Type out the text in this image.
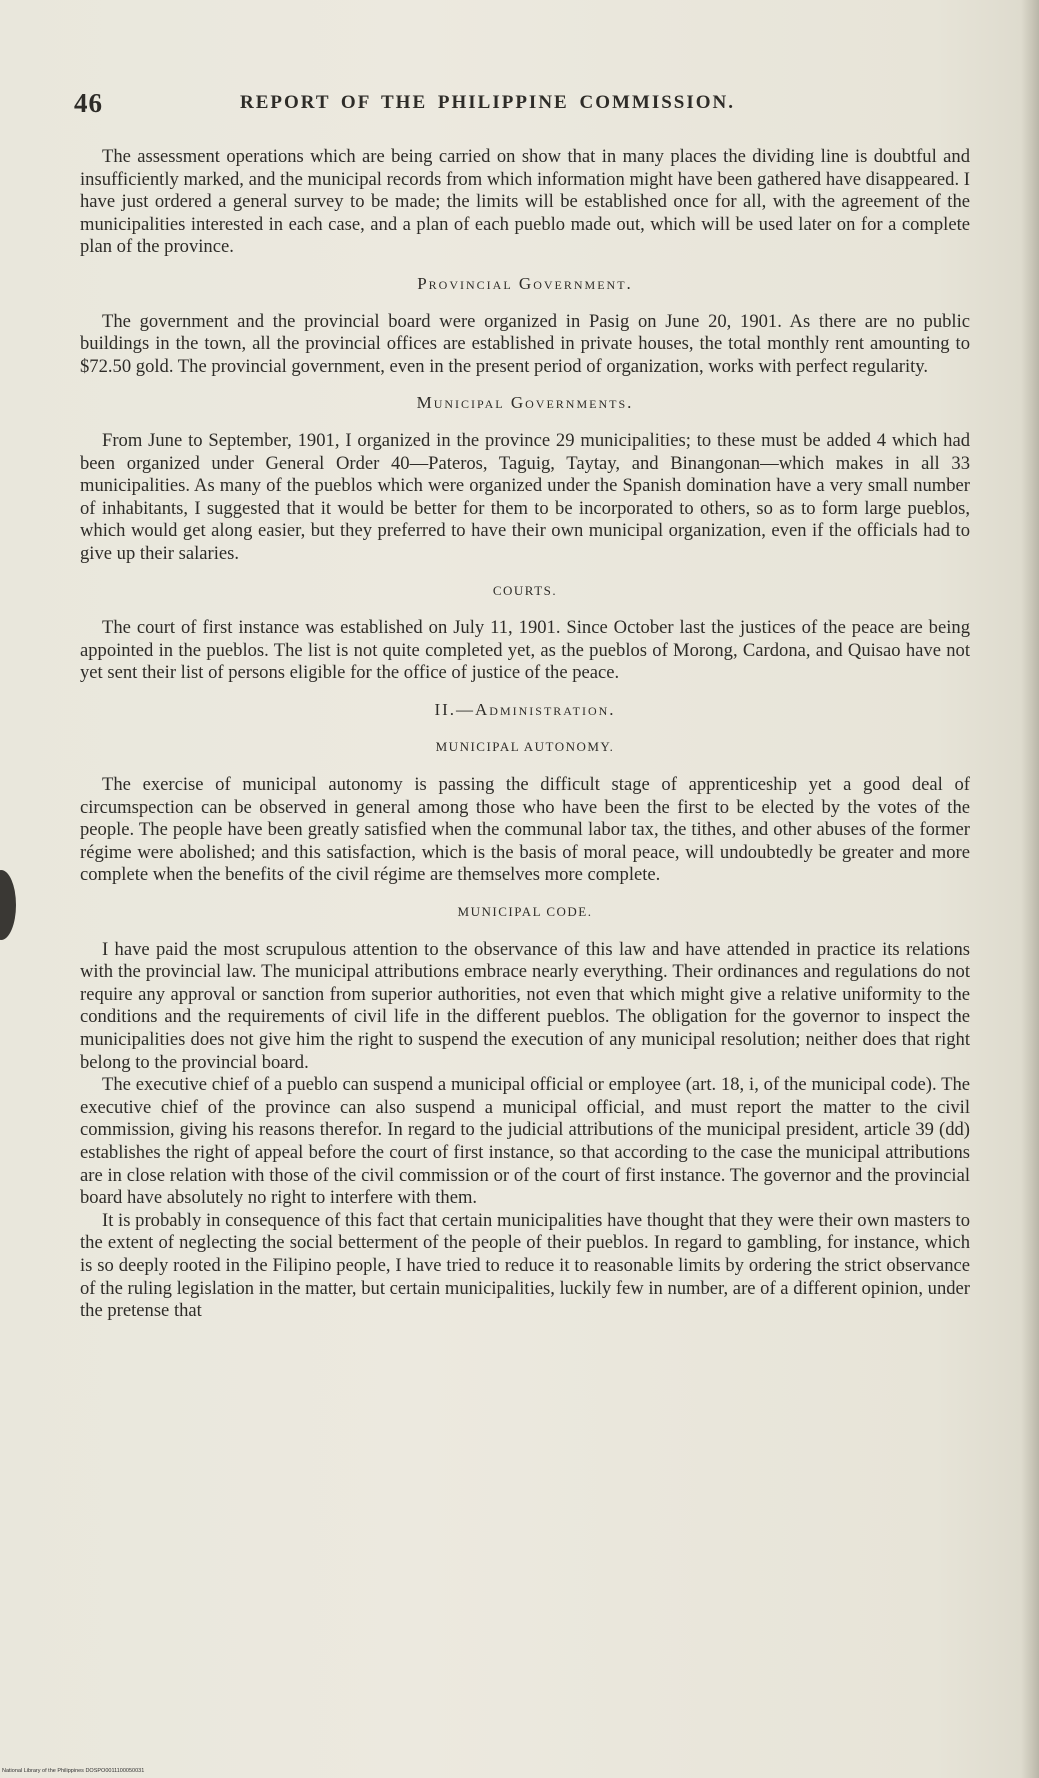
46	REPORT OF THE PHILIPPINE COMMISSION.

The assessment operations which are being carried on show that in many places the dividing line is doubtful and insufficiently marked, and the municipal records from which information might have been gathered have disappeared. I have just ordered a general survey to be made; the limits will be established once for all, with the agreement of the municipalities interested in each case, and a plan of each pueblo made out, which will be used later on for a complete plan of the province.

Provincial Government.

The government and the provincial board were organized in Pasig on June 20, 1901. As there are no public buildings in the town, all the provincial offices are established in private houses, the total monthly rent amounting to $72.50 gold. The provincial government, even in the present period of organization, works with perfect regularity.

Municipal Governments.

From June to September, 1901, I organized in the province 29 municipalities; to these must be added 4 which had been organized under General Order 40—Pateros, Taguig, Taytay, and Binangonan—which makes in all 33 municipalities. As many of the pueblos which were organized under the Spanish domination have a very small number of inhabitants, I suggested that it would be better for them to be incorporated to others, so as to form large pueblos, which would get along easier, but they preferred to have their own municipal organization, even if the officials had to give up their salaries.

COURTS.

The court of first instance was established on July 11, 1901. Since October last the justices of the peace are being appointed in the pueblos. The list is not quite completed yet, as the pueblos of Morong, Cardona, and Quisao have not yet sent their list of persons eligible for the office of justice of the peace.

II.—Administration.
MUNICIPAL AUTONOMY.

The exercise of municipal autonomy is passing the difficult stage of apprenticeship yet a good deal of circumspection can be observed in general among those who have been the first to be elected by the votes of the people. The people have been greatly satisfied when the communal labor tax, the tithes, and other abuses of the former régime were abolished; and this satisfaction, which is the basis of moral peace, will undoubtedly be greater and more complete when the benefits of the civil régime are themselves more complete.

MUNICIPAL CODE.

I have paid the most scrupulous attention to the observance of this law and have attended in practice its relations with the provincial law. The municipal attributions embrace nearly everything. Their ordinances and regulations do not require any approval or sanction from superior authorities, not even that which might give a relative uniformity to the conditions and the requirements of civil life in the different pueblos. The obligation for the governor to inspect the municipalities does not give him the right to suspend the execution of any municipal resolution; neither does that right belong to the provincial board.

The executive chief of a pueblo can suspend a municipal official or employee (art. 18, i, of the municipal code). The executive chief of the province can also suspend a municipal official, and must report the matter to the civil commission, giving his reasons therefor. In regard to the judicial attributions of the municipal president, article 39 (dd) establishes the right of appeal before the court of first instance, so that according to the case the municipal attributions are in close relation with those of the civil commission or of the court of first instance. The governor and the provincial board have absolutely no right to interfere with them.

It is probably in consequence of this fact that certain municipalities have thought that they were their own masters to the extent of neglecting the social betterment of the people of their pueblos. In regard to gambling, for instance, which is so deeply rooted in the Filipino people, I have tried to reduce it to reasonable limits by ordering the strict observance of the ruling legislation in the matter, but certain municipalities, luckily few in number, are of a different opinion, under the pretense that

National Library of the Philippines DOSPO0011100050031
